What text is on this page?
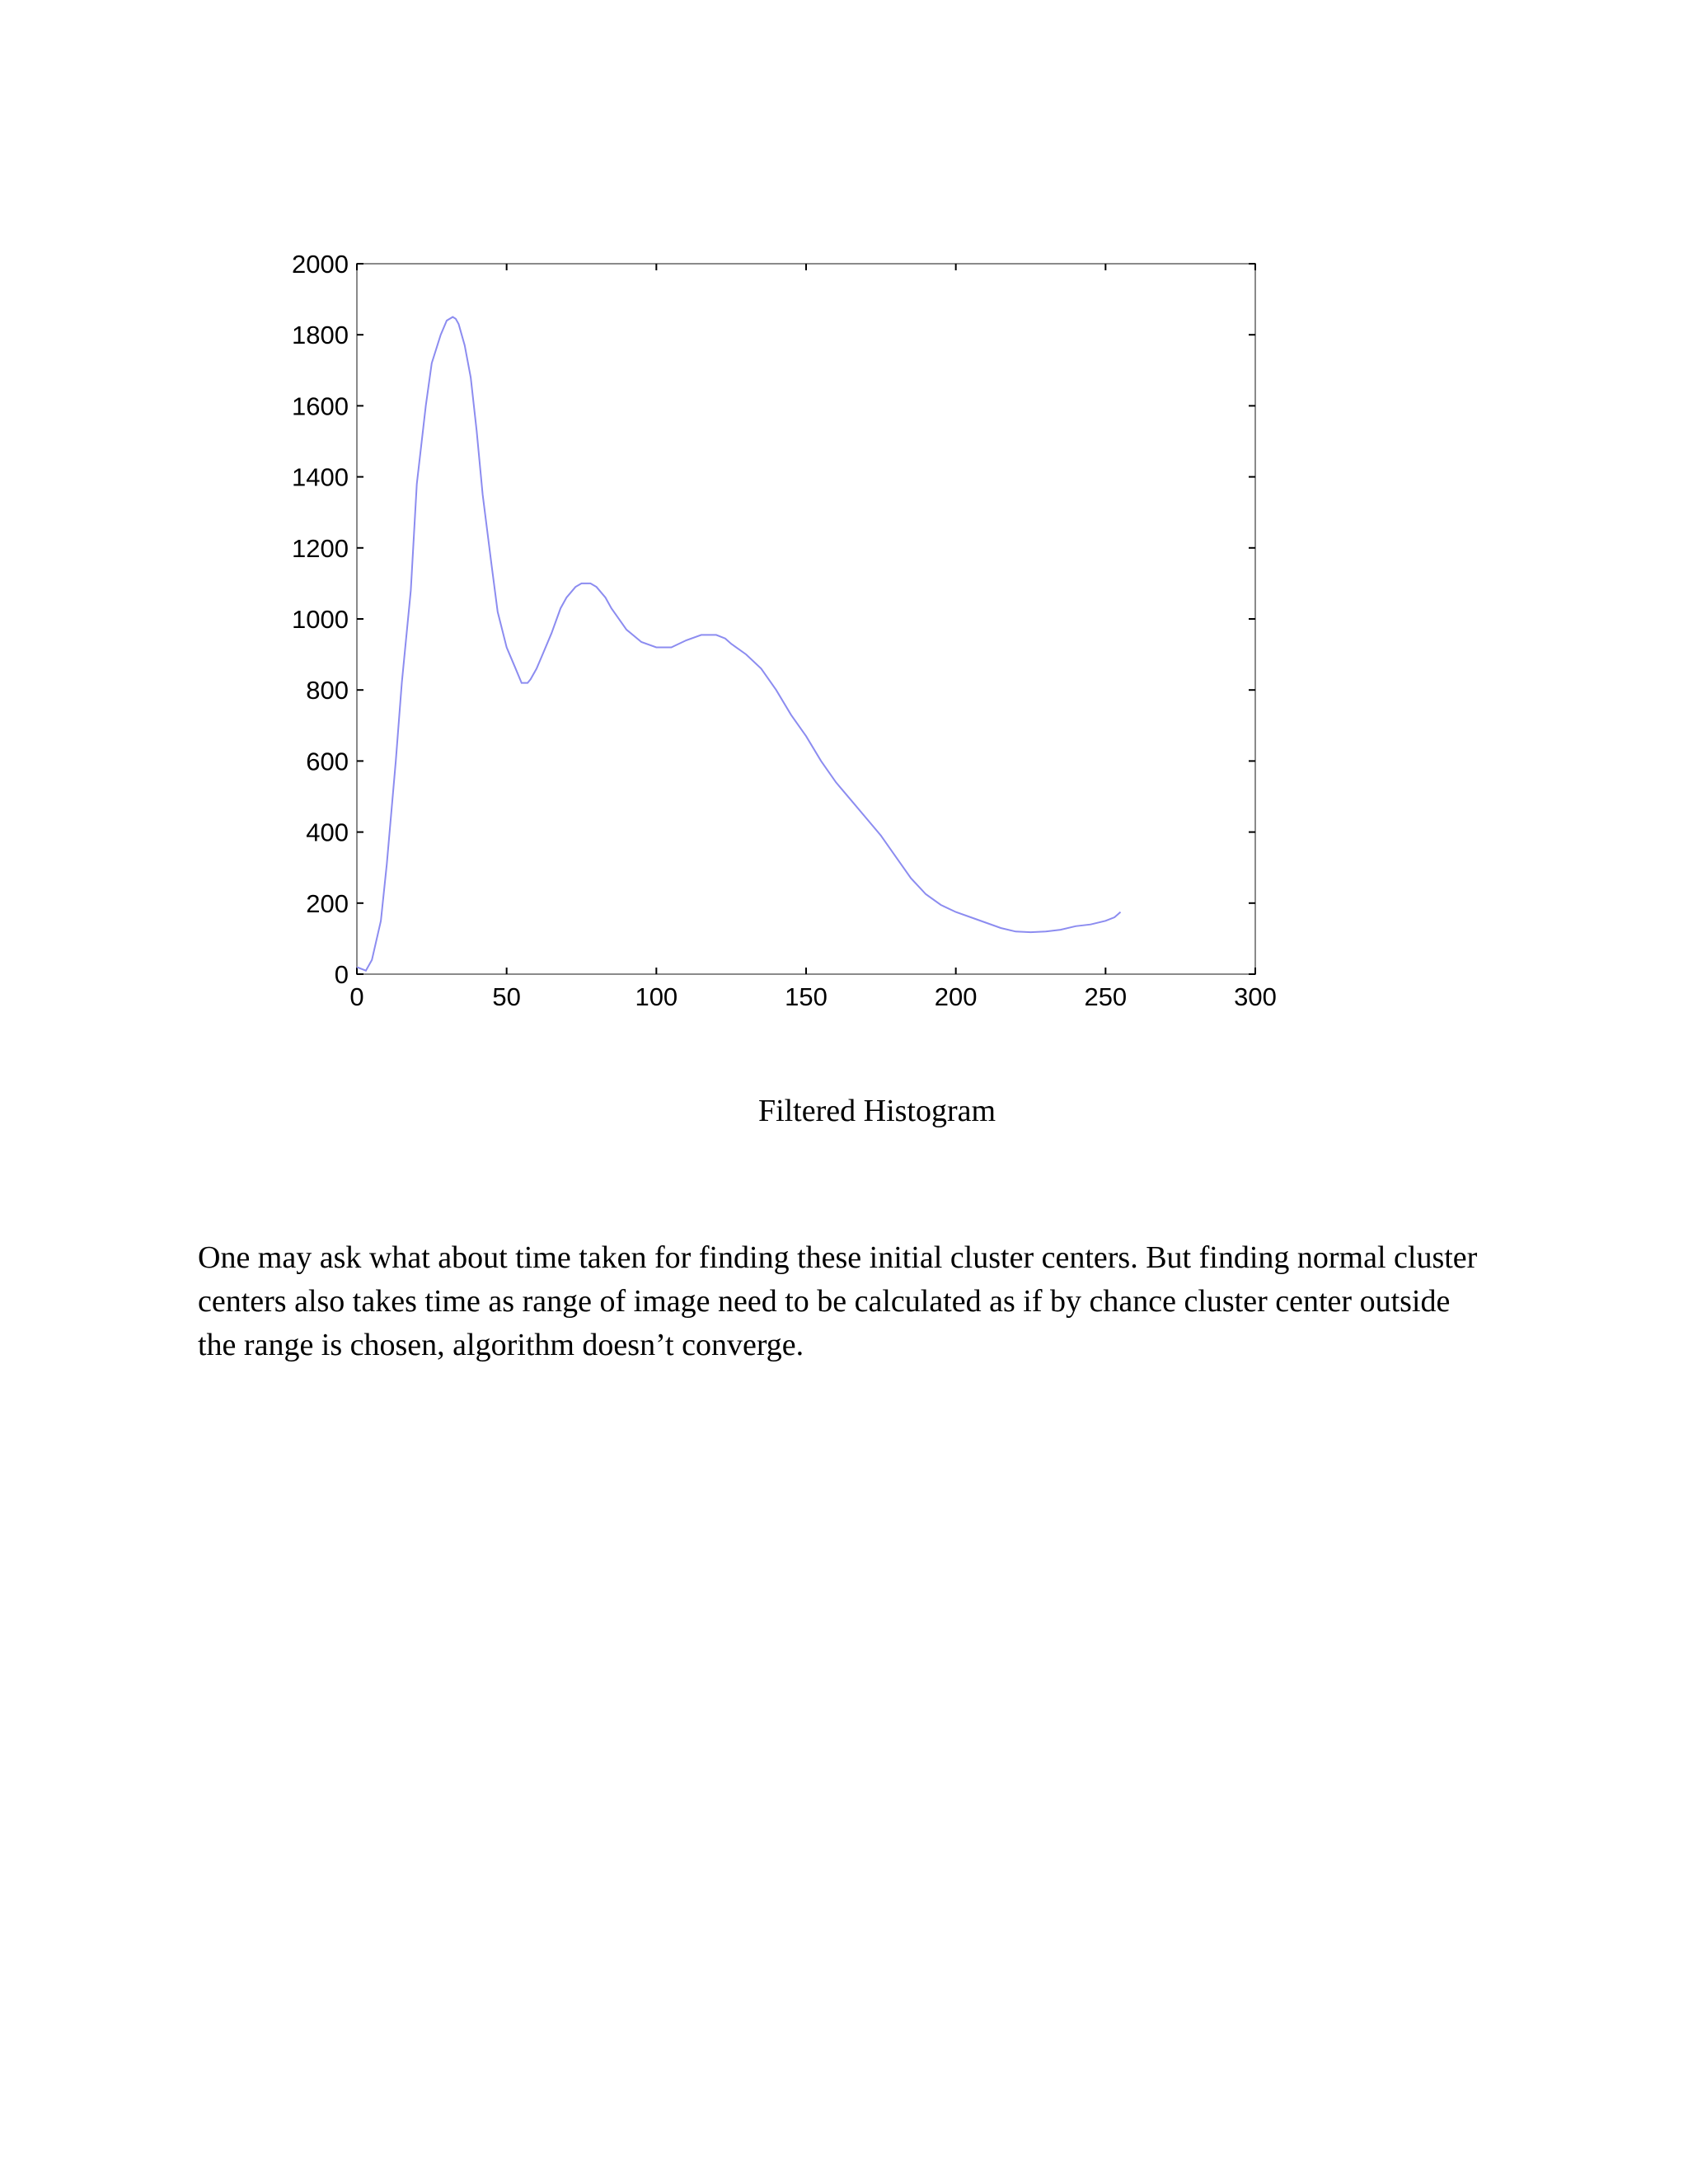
0
200
400
600
800
1000
1200
1400
1600
1800
2000
0	50	100	150	200	250	300
Filtered Histogram

One may ask what about time taken for finding these initial cluster centers. But finding normal cluster centers also takes time as range of image need to be calculated as if by chance cluster center outside the range is chosen, algorithm doesn’t converge.
